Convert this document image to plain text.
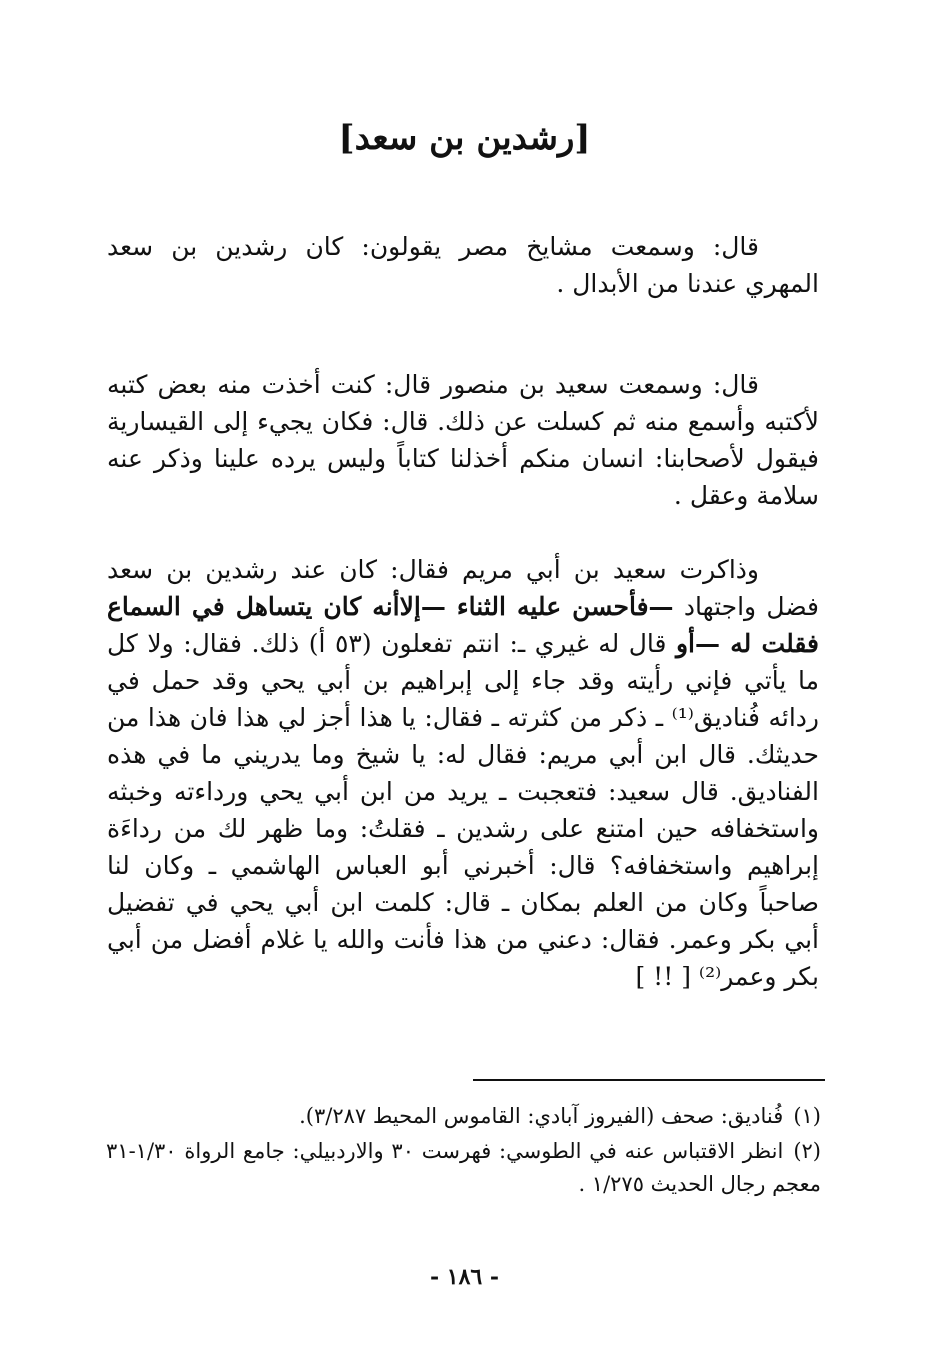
[رشدين بن سعد]

قال: وسمعت مشايخ مصر يقولون: كان رشدين بن سعد المهري عندنا من الأبدال .

قال: وسمعت سعيد بن منصور قال: كنت أخذت منه بعض كتبه لأكتبه وأسمع منه ثم كسلت عن ذلك. قال: فكان يجيء إلى القيسارية فيقول لأصحابنا: انسان منكم أخذلنا كتاباً وليس يرده علينا وذكر عنه سلامة وعقل .

وذاكرت سعيد بن أبي مريم فقال: كان عند رشدين بن سعد فضل واجتهاد —فأحسن عليه الثناء —إلاأنه كان يتساهل في السماع فقلت له —أو قال له غيري ـ: انتم تفعلون (٥٣ أ) ذلك. فقال: ولا كل ما يأتي فإني رأيته وقد جاء إلى إبراهيم بن أبي يحي وقد حمل في ردائه فُناديق⁽¹⁾ ـ ذكر من كثرته ـ فقال: يا هذا أجز لي هذا فان هذا من حديثك. قال ابن أبي مريم: فقال له: يا شيخ وما يدريني ما في هذه الفناديق. قال سعيد: فتعجبت ـ يريد من ابن أبي يحي ورداءته وخبثه واستخفافه حين امتنع على رشدين ـ فقلتُ: وما ظهر لك من رداءَة إبراهيم واستخفافه؟ قال: أخبرني أبو العباس الهاشمي ـ وكان لنا صاحباً وكان من العلم بمكان ـ قال: كلمت ابن أبي يحي في تفضيل أبي بكر وعمر. فقال: دعني من هذا فأنت والله يا غلام أفضل من أبي بكر وعمر⁽²⁾ [ !! ]

(١)فُناديق: صحف (الفيروز آبادي: القاموس المحيط ٣/٢٨٧).

(٢)انظر الاقتباس عنه في الطوسي: فهرست ٣٠ والاردبيلي: جامع الرواة ١/٣٠-٣١ معجم رجال الحديث ١/٢٧٥ .

- ١٨٦ -
